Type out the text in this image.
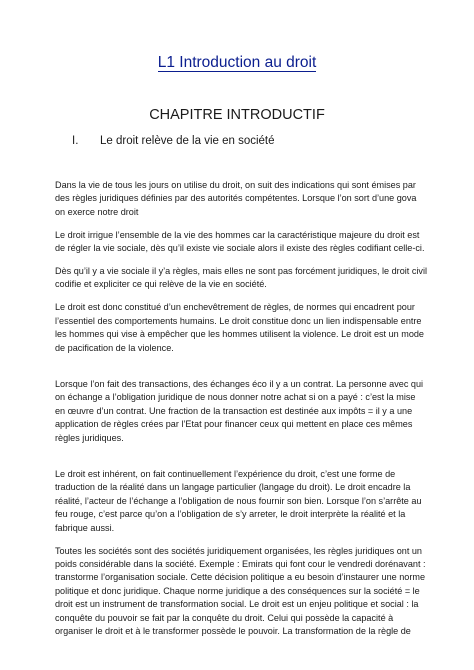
L1 Introduction au droit
CHAPITRE INTRODUCTIF
I. Le droit relève de la vie en société

Dans la vie de tous les jours on utilise du droit, on suit des indications qui sont émises par des règles juridiques définies par des autorités compétentes. Lorsque l’on sort d’une gova on exerce notre droit

Le droit irrigue l’ensemble de la vie des hommes car la caractéristique majeure du droit est de régler la vie sociale, dès qu’il existe vie sociale alors il existe des règles codifiant celle-ci.

Dès qu’il y a vie sociale il y’a règles, mais elles ne sont pas forcément juridiques, le droit civil codifie et expliciter ce qui relève de la vie en société.

Le droit est donc constitué d’un enchevêtrement de règles, de normes qui encadrent pour l’essentiel des comportements humains. Le droit constitue donc un lien indispensable entre les hommes qui vise à empêcher que les hommes utilisent la violence. Le droit est un mode de pacification de la violence.

Lorsque l’on fait des transactions, des échanges éco il y a un contrat. La personne avec qui on échange a l’obligation juridique de nous donner notre achat si on a payé : c’est la mise en œuvre d’un contrat. Une fraction de la transaction est destinée aux impôts = il y a une application de règles crées par l’Etat pour financer ceux qui mettent en place ces mêmes règles juridiques.

Le droit est inhérent, on fait continuellement l’expérience du droit, c’est une forme de traduction de la réalité dans un langage particulier (langage du droit). Le droit encadre la réalité, l’acteur de l’échange a l’obligation de nous fournir son bien. Lorsque l’on s’arrête au feu rouge, c’est parce qu’on a l’obligation de s’y arreter, le droit interprète la réalité et la fabrique aussi.

Toutes les sociétés sont des sociétés juridiquement organisées, les règles juridiques ont un poids considérable dans la société. Exemple : Emirats qui font cour le vendredi dorénavant : transtorme l’organisation sociale. Cette décision politique a eu besoin d’instaurer une norme politique et donc juridique. Chaque norme juridique a des conséquences sur la société = le droit est un instrument de transformation social. Le droit est un enjeu politique et social : la conquête du pouvoir se fait par la conquête du droit. Celui qui possède la capacité à organiser le droit et à le transformer possède le pouvoir. La transformation de la règle de
